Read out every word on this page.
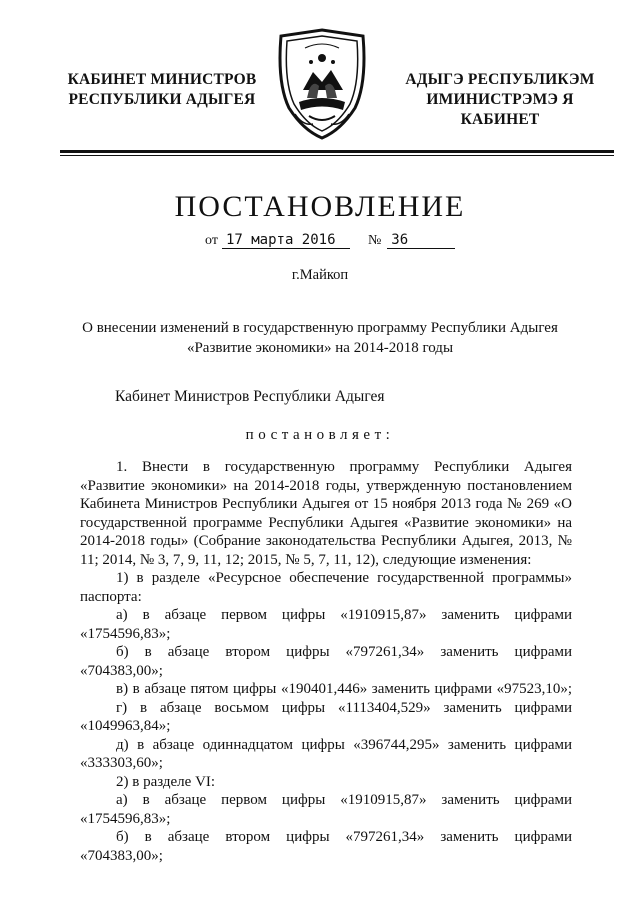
КАБИНЕТ МИНИСТРОВ
РЕСПУБЛИКИ АДЫГЕЯ
АДЫГЭ РЕСПУБЛИКЭМ
ИМИНИСТРЭМЭ Я КАБИНЕТ
ПОСТАНОВЛЕНИЕ
от 17 марта 2016	№ 36
г.Майкоп
О внесении изменений в государственную программу Республики Адыгея
«Развитие экономики» на 2014-2018 годы
Кабинет Министров Республики Адыгея
постановляет:

1. Внести в государственную программу Республики Адыгея «Развитие экономики» на 2014-2018 годы, утвержденную постановлением Кабинета Министров Республики Адыгея от 15 ноября 2013 года № 269 «О государственной программе Республики Адыгея «Развитие экономики» на 2014-2018 годы» (Собрание законодательства Республики Адыгея, 2013, № 11; 2014, № 3, 7, 9, 11, 12; 2015, № 5, 7, 11, 12), следующие изменения:

1) в разделе «Ресурсное обеспечение государственной программы» паспорта:

а) в абзаце первом цифры «1910915,87» заменить цифрами «1754596,83»;

б) в абзаце втором цифры «797261,34» заменить цифрами «704383,00»;

в) в абзаце пятом цифры «190401,446» заменить цифрами «97523,10»;

г) в абзаце восьмом цифры «1113404,529» заменить цифрами «1049963,84»;

д) в абзаце одиннадцатом цифры «396744,295» заменить цифрами «333303,60»;

2) в разделе VI:

а) в абзаце первом цифры «1910915,87» заменить цифрами «1754596,83»;

б) в абзаце втором цифры «797261,34» заменить цифрами «704383,00»;
